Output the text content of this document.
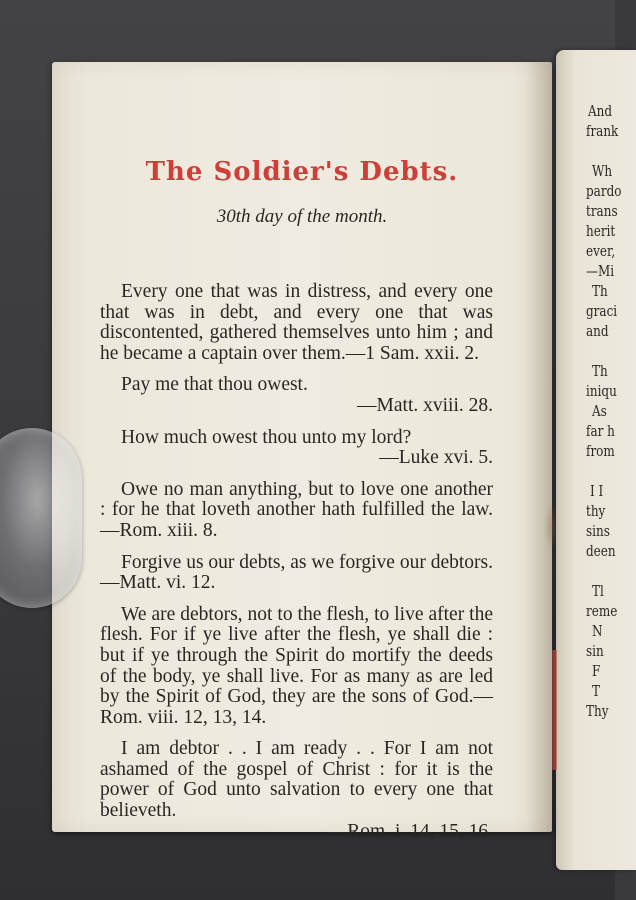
And
frank
Wh
pardo
trans
herit
ever,
—Mi
Th
graci
and
Th
iniqu
As
far h
from
I I
thy
sins
deen
Tl
reme
N
sin
F
T
Thy
The Soldier's Debts.

30th day of the month.

Every one that was in distress, and every one that was in debt, and every one that was discontented, gathered themselves unto him ; and he became a captain over them.—1 Sam. xxii. 2.

Pay me that thou owest.

—Matt. xviii. 28.

How much owest thou unto my lord?

—Luke xvi. 5.

Owe no man anything, but to love one another : for he that loveth another hath fulfilled the law.—Rom. xiii. 8.

Forgive us our debts, as we forgive our debtors.—Matt. vi. 12.

We are debtors, not to the flesh, to live after the flesh. For if ye live after the flesh, ye shall die : but if ye through the Spirit do mortify the deeds of the body, ye shall live. For as many as are led by the Spirit of God, they are the sons of God.—Rom. viii. 12, 13, 14.

I am debtor . . I am ready . . For I am not ashamed of the gospel of Christ : for it is the power of God unto salvation to every one that believeth.

—Rom. i. 14, 15, 16.
